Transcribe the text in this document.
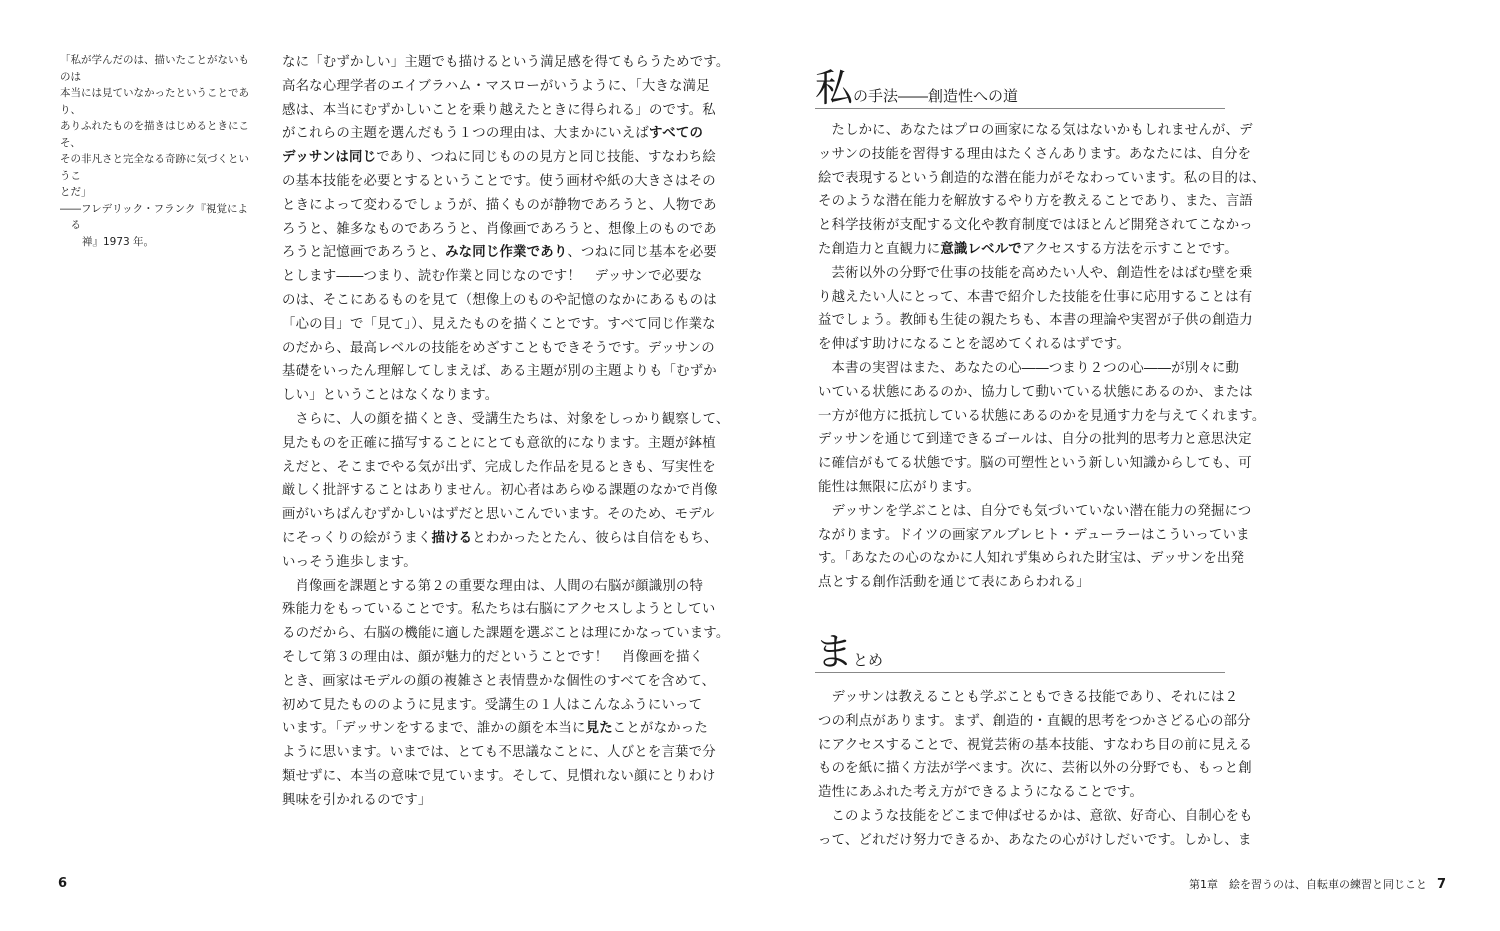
「私が学んだのは、描いたことがないものは

本当には見ていなかったということであり、

ありふれたものを描きはじめるときにこそ、

その非凡さと完全なる奇跡に気づくというこ

とだ」

――フレデリック・フランク『視覚による

禅』1973 年。

なに「むずかしい」主題でも描けるという満足感を得てもらうためです。
高名な心理学者のエイブラハム・マスローがいうように、「大きな満足
感は、本当にむずかしいことを乗り越えたときに得られる」のです。私
がこれらの主題を選んだもう１つの理由は、大まかにいえばすべての
デッサンは同じであり、つねに同じものの見方と同じ技能、すなわち絵
の基本技能を必要とするということです。使う画材や紙の大きさはその
ときによって変わるでしょうが、描くものが静物であろうと、人物であ
ろうと、雑多なものであろうと、肖像画であろうと、想像上のものであ
ろうと記憶画であろうと、みな同じ作業であり、つねに同じ基本を必要
とします――つまり、読む作業と同じなのです！　デッサンで必要な
のは、そこにあるものを見て（想像上のものや記憶のなかにあるものは
「心の目」で「見て」）、見えたものを描くことです。すべて同じ作業な
のだから、最高レベルの技能をめざすこともできそうです。デッサンの
基礎をいったん理解してしまえば、ある主題が別の主題よりも「むずか
しい」ということはなくなります。
さらに、人の顔を描くとき、受講生たちは、対象をしっかり観察して、
見たものを正確に描写することにとても意欲的になります。主題が鉢植
えだと、そこまでやる気が出ず、完成した作品を見るときも、写実性を
厳しく批評することはありません。初心者はあらゆる課題のなかで肖像
画がいちばんむずかしいはずだと思いこんでいます。そのため、モデル
にそっくりの絵がうまく描けるとわかったとたん、彼らは自信をもち、
いっそう進歩します。
肖像画を課題とする第２の重要な理由は、人間の右脳が顔識別の特
殊能力をもっていることです。私たちは右脳にアクセスしようとしてい
るのだから、右脳の機能に適した課題を選ぶことは理にかなっています。
そして第３の理由は、顔が魅力的だということです！　肖像画を描く
とき、画家はモデルの顔の複雑さと表情豊かな個性のすべてを含めて、
初めて見たもののように見ます。受講生の１人はこんなふうにいって
います。「デッサンをするまで、誰かの顔を本当に見たことがなかった
ように思います。いまでは、とても不思議なことに、人びとを言葉で分
類せずに、本当の意味で見ています。そして、見慣れない顔にとりわけ
興味を引かれるのです」
私の手法――創造性への道
たしかに、あなたはプロの画家になる気はないかもしれませんが、デ
ッサンの技能を習得する理由はたくさんあります。あなたには、自分を
絵で表現するという創造的な潜在能力がそなわっています。私の目的は、
そのような潜在能力を解放するやり方を教えることであり、また、言語
と科学技術が支配する文化や教育制度ではほとんど開発されてこなかっ
た創造力と直観力に意識レベルでアクセスする方法を示すことです。
芸術以外の分野で仕事の技能を高めたい人や、創造性をはばむ壁を乗
り越えたい人にとって、本書で紹介した技能を仕事に応用することは有
益でしょう。教師も生徒の親たちも、本書の理論や実習が子供の創造力
を伸ばす助けになることを認めてくれるはずです。
本書の実習はまた、あなたの心――つまり２つの心――が別々に動
いている状態にあるのか、協力して動いている状態にあるのか、または
一方が他方に抵抗している状態にあるのかを見通す力を与えてくれます。
デッサンを通じて到達できるゴールは、自分の批判的思考力と意思決定
に確信がもてる状態です。脳の可塑性という新しい知識からしても、可
能性は無限に広がります。
デッサンを学ぶことは、自分でも気づいていない潜在能力の発掘につ
ながります。ドイツの画家アルブレヒト・デューラーはこういっていま
す。「あなたの心のなかに人知れず集められた財宝は、デッサンを出発
点とする創作活動を通じて表にあらわれる」
まとめ
デッサンは教えることも学ぶこともできる技能であり、それには２
つの利点があります。まず、創造的・直観的思考をつかさどる心の部分
にアクセスすることで、視覚芸術の基本技能、すなわち目の前に見える
ものを紙に描く方法が学べます。次に、芸術以外の分野でも、もっと創
造性にあふれた考え方ができるようになることです。
このような技能をどこまで伸ばせるかは、意欲、好奇心、自制心をも
って、どれだけ努力できるか、あなたの心がけしだいです。しかし、ま
6	第1章　絵を習うのは、自転車の練習と同じこと 7
